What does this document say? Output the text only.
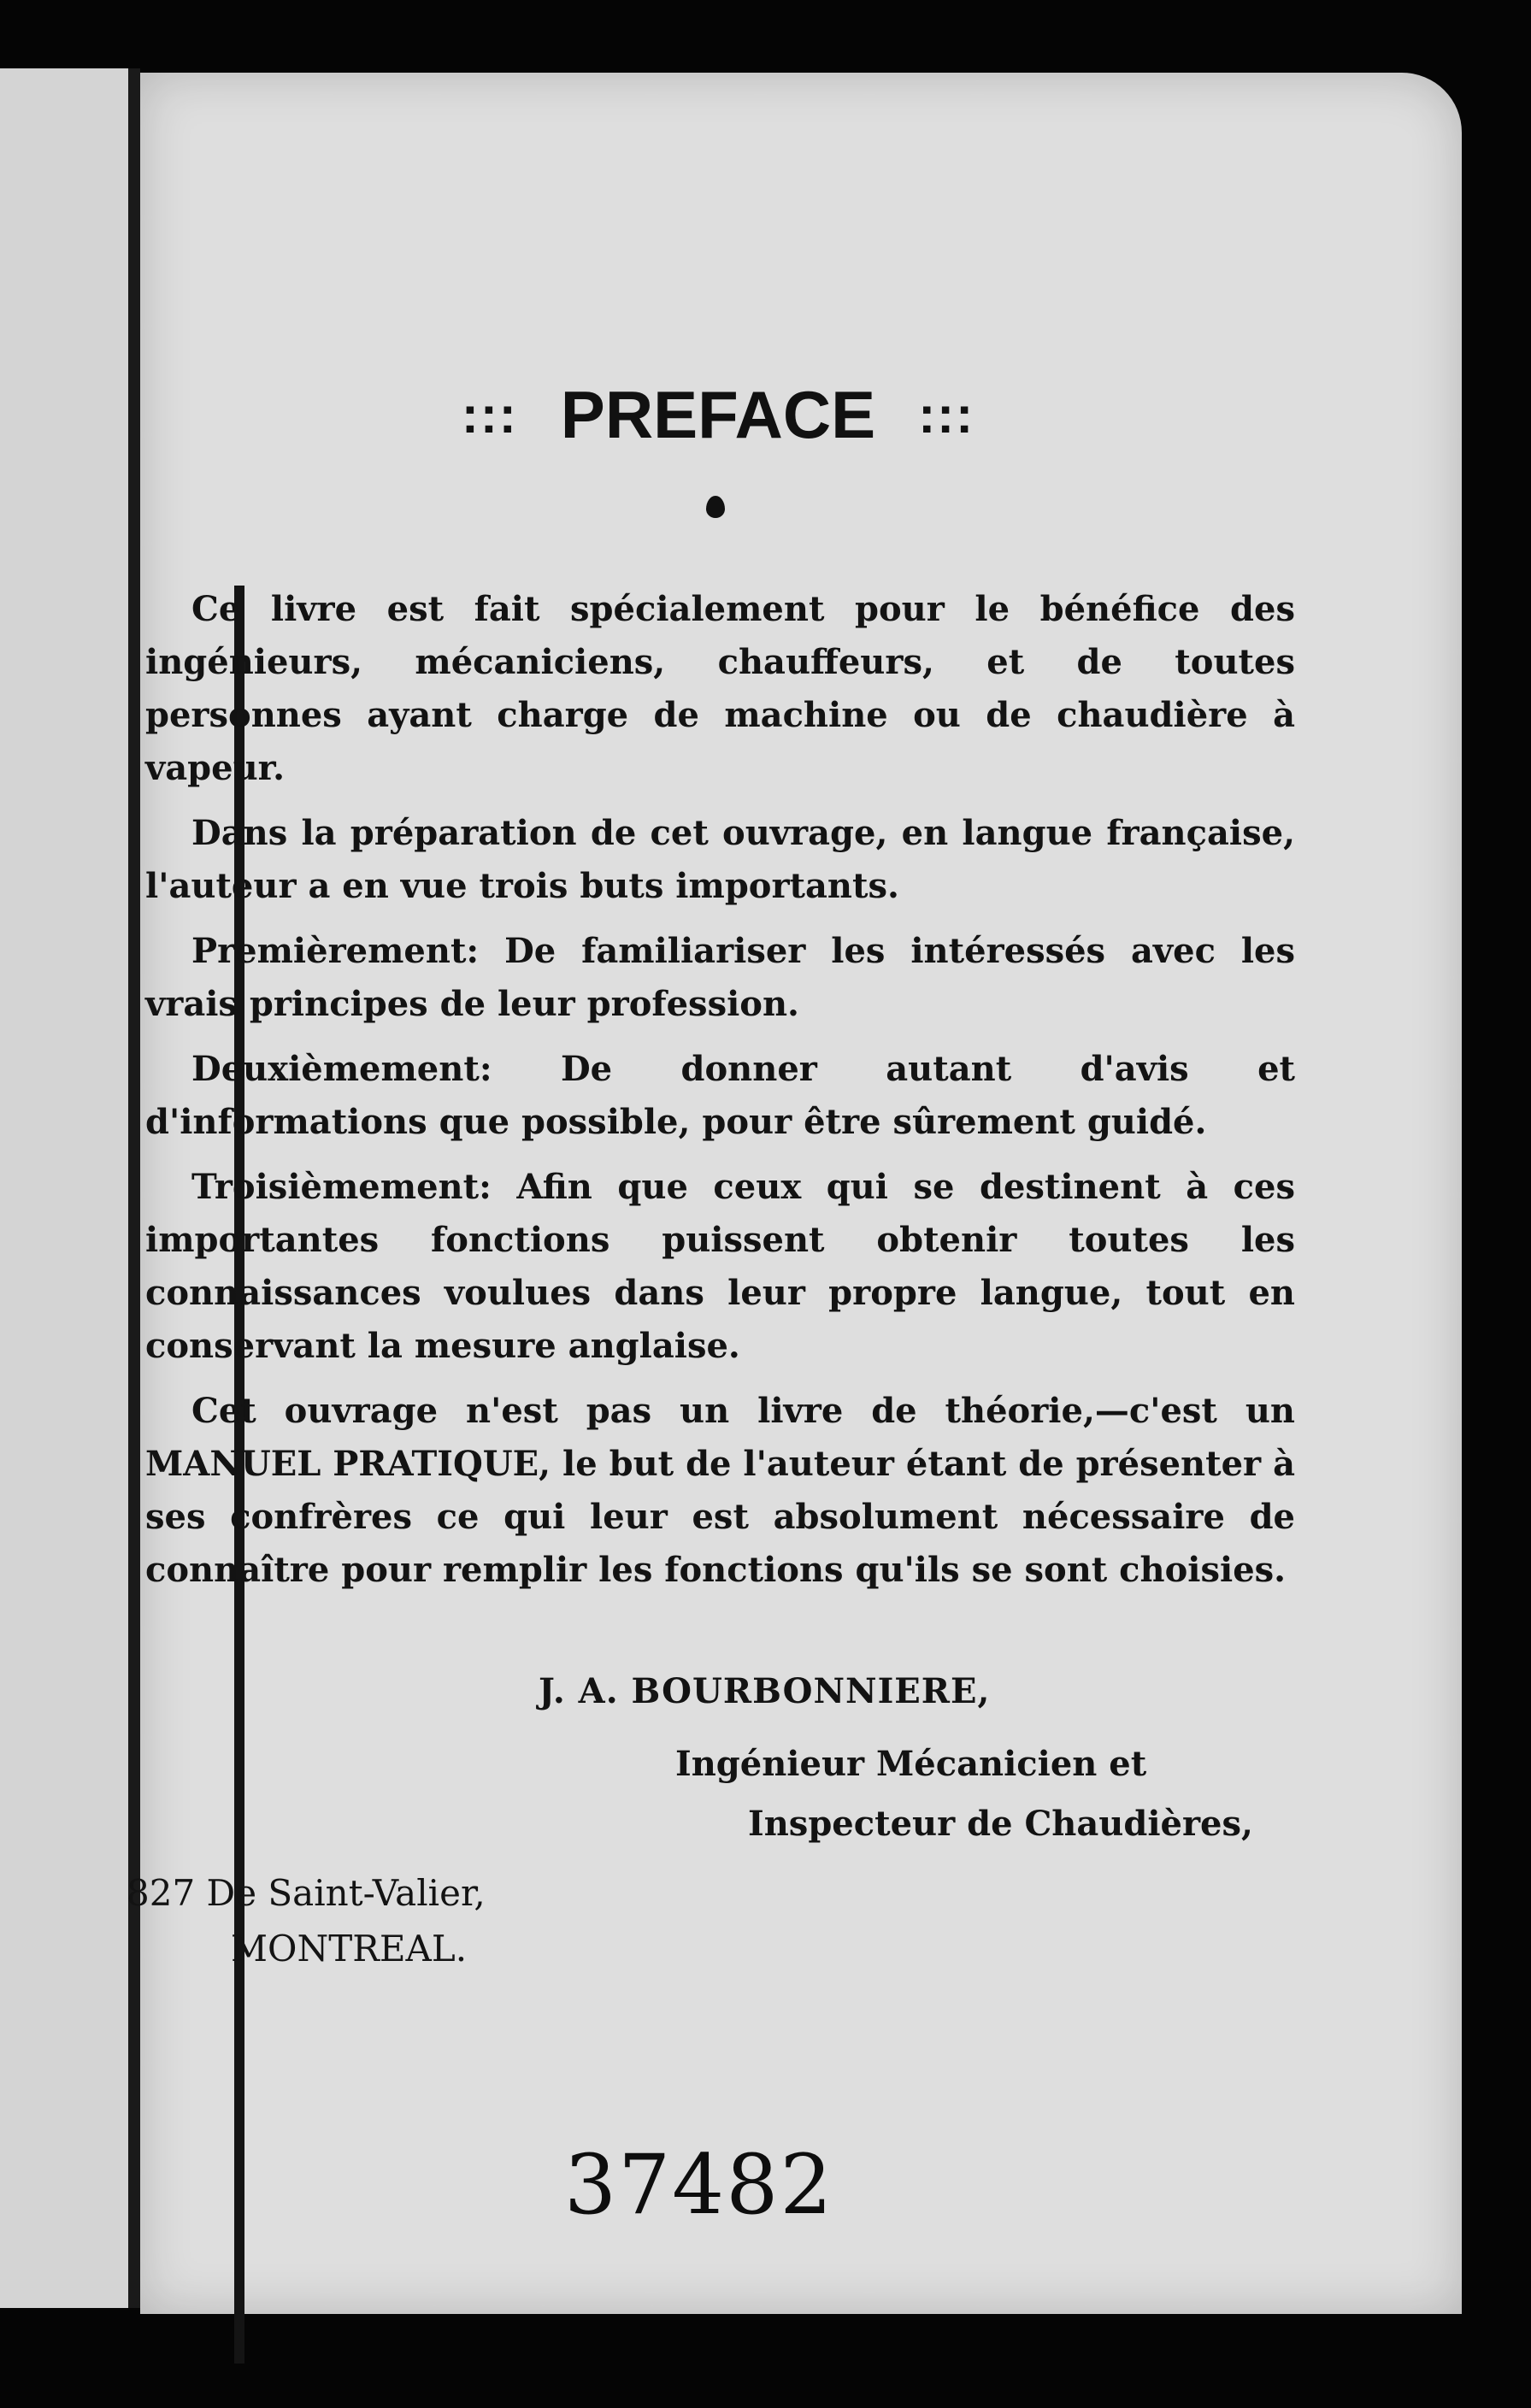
::: PREFACE :::

Ce livre est fait spécialement pour le bénéfice des ingénieurs, mécaniciens, chauffeurs, et de toutes personnes ayant charge de machine ou de chaudière à vapeur.

Dans la préparation de cet ouvrage, en langue française, l'auteur a en vue trois buts importants.

Premièrement: De familiariser les intéressés avec les vrais principes de leur profession.

Deuxièmement: De donner autant d'avis et d'informations que possible, pour être sûrement guidé.

Troisièmement: Afin que ceux qui se destinent à ces importantes fonctions puissent obtenir toutes les connaissances voulues dans leur propre langue, tout en conservant la mesure anglaise.

Cet ouvrage n'est pas un livre de théorie,—c'est un MANUEL PRATIQUE, le but de l'auteur étant de présenter à ses confrères ce qui leur est absolument nécessaire de connaître pour remplir les fonctions qu'ils se sont choisies.

J. A. BOURBONNIERE,
Ingénieur Mécanicien et
Inspecteur de Chaudières,
827 De Saint-Valier,
MONTREAL.
37482
